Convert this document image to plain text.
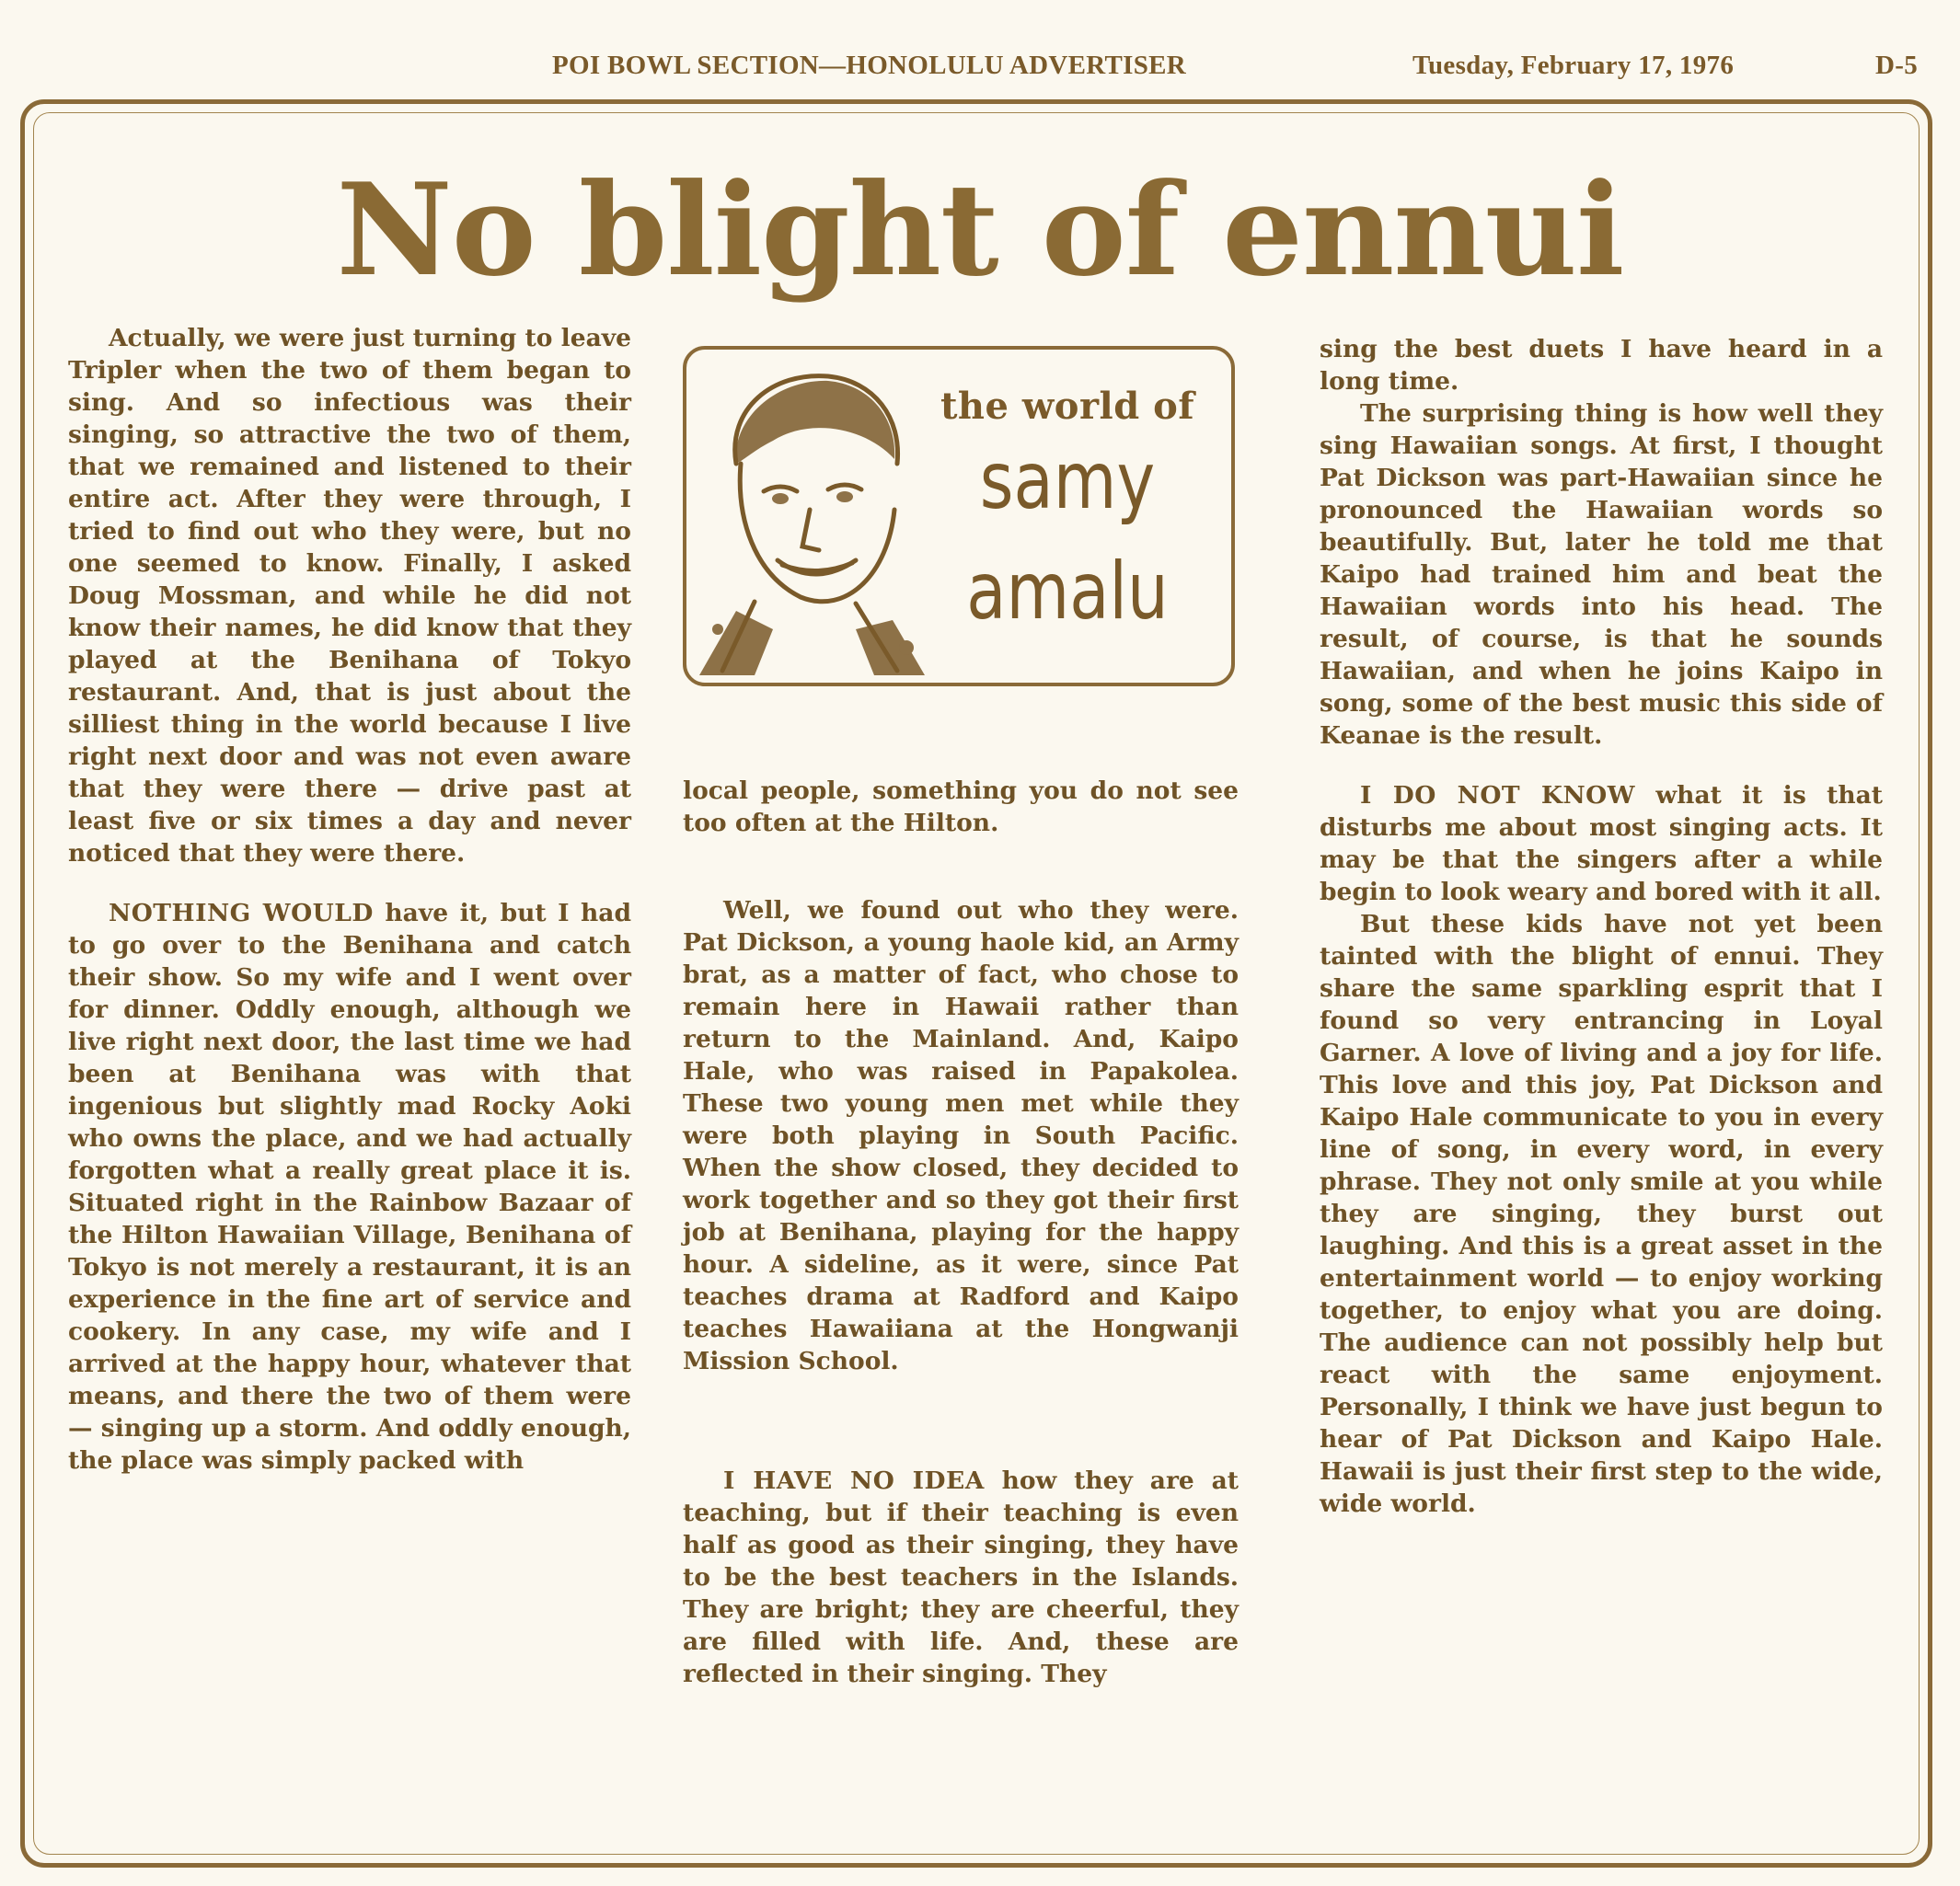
POI BOWL SECTION—HONOLULU ADVERTISER	Tuesday, February 17, 1976	D-5
No blight of ennui
the world of
samy
amalu

Actually, we were just turning to leave Tripler when the two of them began to sing. And so infectious was their singing, so attractive the two of them, that we remained and listened to their entire act. After they were through, I tried to find out who they were, but no one seemed to know. Finally, I asked Doug Mossman, and while he did not know their names, he did know that they played at the Benihana of Tokyo restaurant. And, that is just about the silliest thing in the world because I live right next door and was not even aware that they were there — drive past at least five or six times a day and never noticed that they were there.

NOTHING WOULD have it, but I had to go over to the Benihana and catch their show. So my wife and I went over for dinner. Oddly enough, although we live right next door, the last time we had been at Benihana was with that ingenious but slightly mad Rocky Aoki who owns the place, and we had actually forgotten what a really great place it is. Situated right in the Rainbow Bazaar of the Hilton Hawaiian Village, Benihana of Tokyo is not merely a restaurant, it is an experience in the fine art of service and cookery. In any case, my wife and I arrived at the happy hour, whatever that means, and there the two of them were — singing up a storm. And oddly enough, the place was simply packed with

local people, something you do not see too often at the Hilton.

Well, we found out who they were. Pat Dickson, a young haole kid, an Army brat, as a matter of fact, who chose to remain here in Hawaii rather than return to the Mainland. And, Kaipo Hale, who was raised in Papakolea. These two young men met while they were both playing in South Pacific. When the show closed, they decided to work together and so they got their first job at Benihana, playing for the happy hour. A sideline, as it were, since Pat teaches drama at Radford and Kaipo teaches Hawaiiana at the Hongwanji Mission School.

I HAVE NO IDEA how they are at teaching, but if their teaching is even half as good as their singing, they have to be the best teachers in the Islands. They are bright; they are cheerful, they are filled with life. And, these are reflected in their singing. They

sing the best duets I have heard in a long time.

The surprising thing is how well they sing Hawaiian songs. At first, I thought Pat Dickson was part-Hawaiian since he pronounced the Hawaiian words so beautifully. But, later he told me that Kaipo had trained him and beat the Hawaiian words into his head. The result, of course, is that he sounds Hawaiian, and when he joins Kaipo in song, some of the best music this side of Keanae is the result.

I DO NOT KNOW what it is that disturbs me about most singing acts. It may be that the singers after a while begin to look weary and bored with it all.

But these kids have not yet been tainted with the blight of ennui. They share the same sparkling esprit that I found so very entrancing in Loyal Garner. A love of living and a joy for life. This love and this joy, Pat Dickson and Kaipo Hale communicate to you in every line of song, in every word, in every phrase. They not only smile at you while they are singing, they burst out laughing. And this is a great asset in the entertainment world — to enjoy working together, to enjoy what you are doing. The audience can not possibly help but react with the same enjoyment. Personally, I think we have just begun to hear of Pat Dickson and Kaipo Hale. Hawaii is just their first step to the wide, wide world.
